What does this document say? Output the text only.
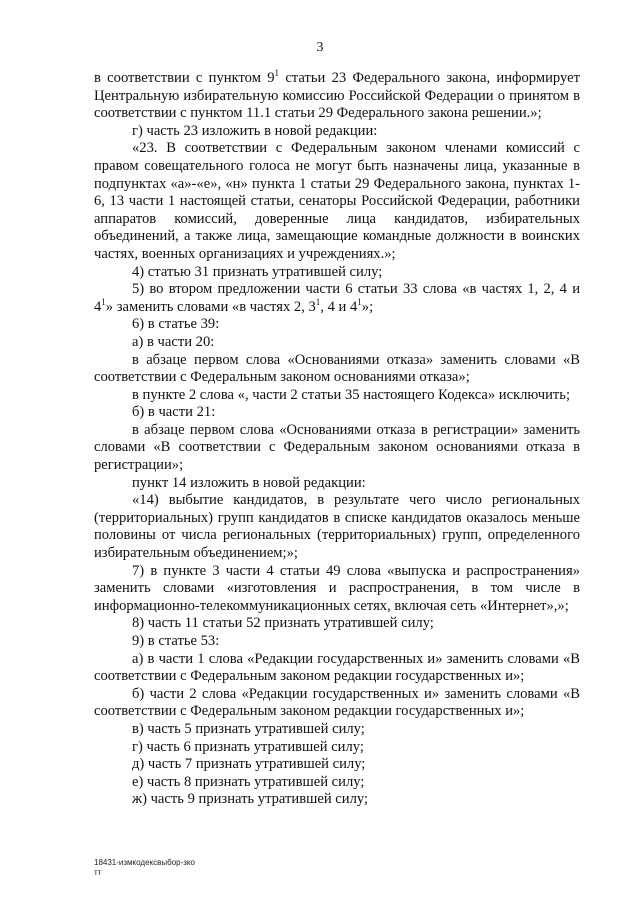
3

в соответствии с пунктом $9^1$ статьи 23 Федерального закона, информирует Центральную избирательную комиссию Российской Федерации о принятом в соответствии с пунктом 11.1 статьи 29 Федерального закона решении.»;

г) часть 23 изложить в новой редакции:

«23. В соответствии с Федеральным законом членами комиссий с правом совещательного голоса не могут быть назначены лица, указанные в подпунктах «а»-«е», «н» пункта 1 статьи 29 Федерального закона, пунктах 1-6, 13 части 1 настоящей статьи, сенаторы Российской Федерации, работники аппаратов комиссий, доверенные лица кандидатов, избирательных объединений, а также лица, замещающие командные должности в воинских частях, военных организациях и учреждениях.»;

4) статью 31 признать утратившей силу;

5) во втором предложении части 6 статьи 33 слова «в частях 1, 2, 4 и $4^1$» заменить словами «в частях 2, $3^1$, 4 и $4^1$»;

6) в статье 39:

а) в части 20:

в абзаце первом слова «Основаниями отказа» заменить словами «В соответствии с Федеральным законом основаниями отказа»;

в пункте 2 слова «, части 2 статьи 35 настоящего Кодекса» исключить;

б) в части 21:

в абзаце первом слова «Основаниями отказа в регистрации» заменить словами «В соответствии с Федеральным законом основаниями отказа в регистрации»;

пункт 14 изложить в новой редакции:

«14) выбытие кандидатов, в результате чего число региональных (территориальных) групп кандидатов в списке кандидатов оказалось меньше половины от числа региональных (территориальных) групп, определенного избирательным объединением;»;

7) в пункте 3 части 4 статьи 49 слова «выпуска и распространения» заменить словами «изготовления и распространения, в том числе в информационно-телекоммуникационных сетях, включая сеть «Интернет»,»;

8) часть 11 статьи 52 признать утратившей силу;

9) в статье 53:

а) в части 1 слова «Редакции государственных и» заменить словами «В соответствии с Федеральным законом редакции государственных и»;

б) части 2 слова «Редакции государственных и» заменить словами «В соответствии с Федеральным законом редакции государственных и»;

в) часть 5 признать утратившей силу;

г) часть 6 признать утратившей силу;

д) часть 7 признать утратившей силу;

е) часть 8 признать утратившей силу;

ж) часть 9 признать утратившей силу;

18431-измкодексвыбор-зко
тт
